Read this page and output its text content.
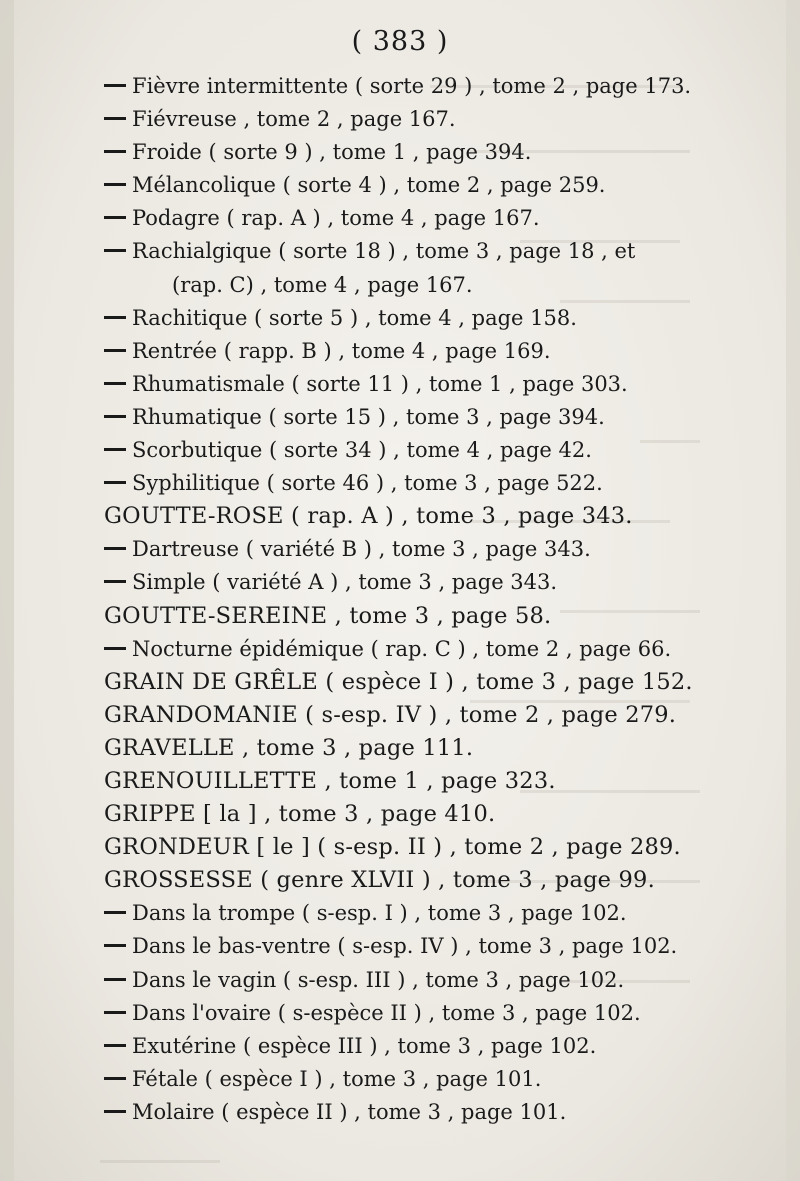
( 383 )
Fièvre intermittente ( sorte 29 ) , tome 2 , page 173.
Fiévreuse , tome 2 , page 167.
Froide ( sorte 9 ) , tome 1 , page 394.
Mélancolique ( sorte 4 ) , tome 2 , page 259.
Podagre ( rap. A ) , tome 4 , page 167.
Rachialgique ( sorte 18 ) , tome 3 , page 18 , et
(rap. C) , tome 4 , page 167.
Rachitique ( sorte 5 ) , tome 4 , page 158.
Rentrée ( rapp. B ) , tome 4 , page 169.
Rhumatismale ( sorte 11 ) , tome 1 , page 303.
Rhumatique ( sorte 15 ) , tome 3 , page 394.
Scorbutique ( sorte 34 ) , tome 4 , page 42.
Syphilitique ( sorte 46 ) , tome 3 , page 522.
GOUTTE-ROSE ( rap. A ) , tome 3 , page 343.
Dartreuse ( variété B ) , tome 3 , page 343.
Simple ( variété A ) , tome 3 , page 343.
GOUTTE-SEREINE , tome 3 , page 58.
Nocturne épidémique ( rap. C ) , tome 2 , page 66.
GRAIN DE GRÊLE ( espèce I ) , tome 3 , page 152.
GRANDOMANIE ( s-esp. IV ) , tome 2 , page 279.
GRAVELLE , tome 3 , page 111.
GRENOUILLETTE , tome 1 , page 323.
GRIPPE [ la ] , tome 3 , page 410.
GRONDEUR [ le ] ( s-esp. II ) , tome 2 , page 289.
GROSSESSE ( genre XLVII ) , tome 3 , page 99.
Dans la trompe ( s-esp. I ) , tome 3 , page 102.
Dans le bas-ventre ( s-esp. IV ) , tome 3 , page 102.
Dans le vagin ( s-esp. III ) , tome 3 , page 102.
Dans l'ovaire ( s-espèce II ) , tome 3 , page 102.
Exutérine ( espèce III ) , tome 3 , page 102.
Fétale ( espèce I ) , tome 3 , page 101.
Molaire ( espèce II ) , tome 3 , page 101.
